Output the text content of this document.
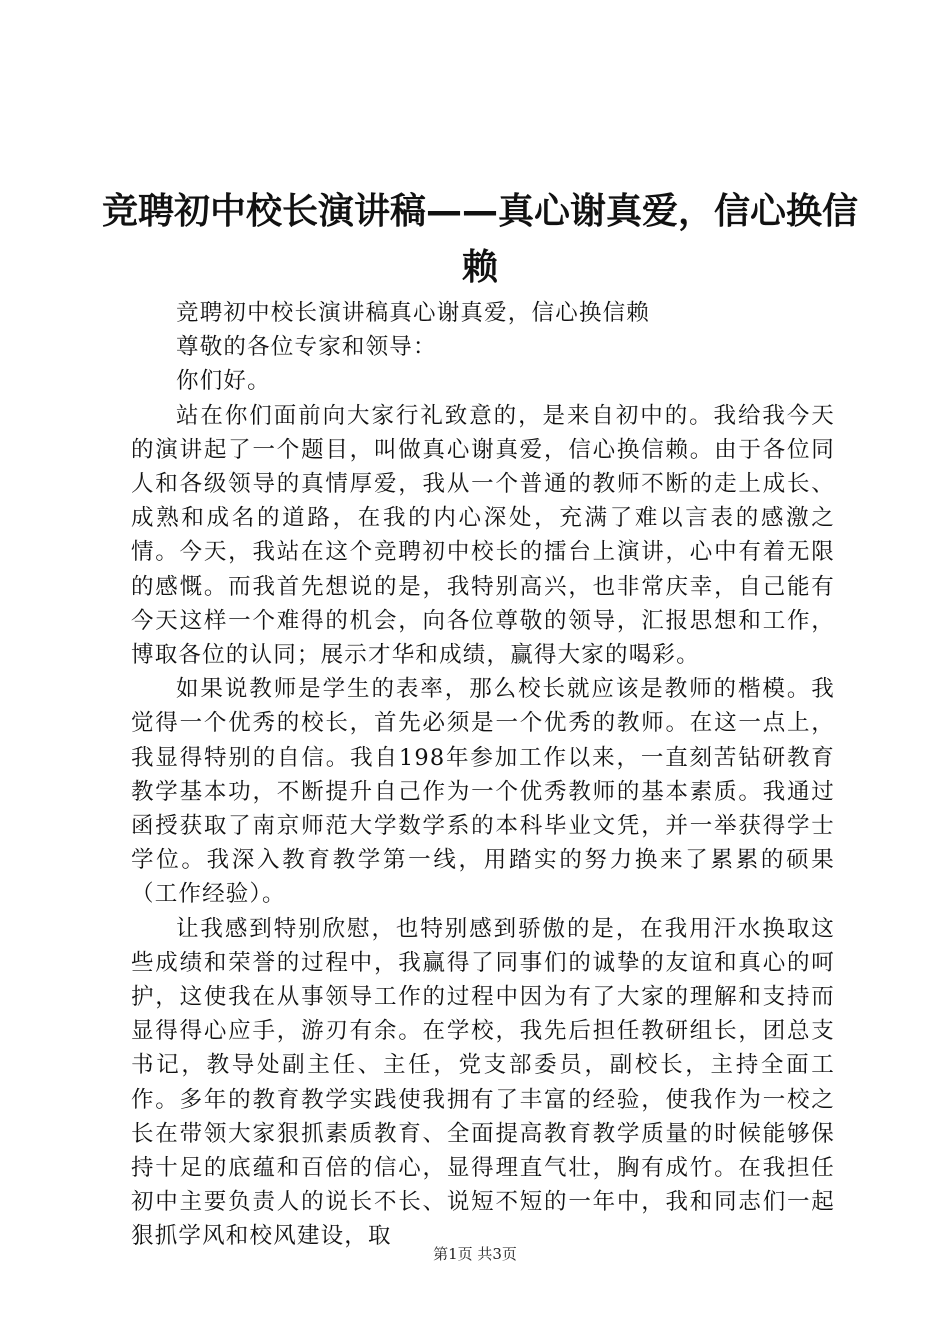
竞聘初中校长演讲稿——真心谢真爱，信心换信赖

竞聘初中校长演讲稿真心谢真爱，信心换信赖

尊敬的各位专家和领导：

你们好。

站在你们面前向大家行礼致意的，是来自初中的。我给我今天的演讲起了一个题目，叫做真心谢真爱，信心换信赖。由于各位同人和各级领导的真情厚爱，我从一个普通的教师不断的走上成长、成熟和成名的道路，在我的内心深处，充满了难以言表的感激之情。今天，我站在这个竞聘初中校长的擂台上演讲，心中有着无限的感慨。而我首先想说的是，我特别高兴，也非常庆幸，自己能有今天这样一个难得的机会，向各位尊敬的领导，汇报思想和工作，博取各位的认同；展示才华和成绩，赢得大家的喝彩。

如果说教师是学生的表率，那么校长就应该是教师的楷模。我觉得一个优秀的校长，首先必须是一个优秀的教师。在这一点上，我显得特别的自信。我自198年参加工作以来，一直刻苦钻研教育教学基本功，不断提升自己作为一个优秀教师的基本素质。我通过函授获取了南京师范大学数学系的本科毕业文凭，并一举获得学士学位。我深入教育教学第一线，用踏实的努力换来了累累的硕果（工作经验）。

让我感到特别欣慰，也特别感到骄傲的是，在我用汗水换取这些成绩和荣誉的过程中，我赢得了同事们的诚挚的友谊和真心的呵护，这使我在从事领导工作的过程中因为有了大家的理解和支持而显得得心应手，游刃有余。在学校，我先后担任教研组长，团总支书记，教导处副主任、主任，党支部委员，副校长，主持全面工作。多年的教育教学实践使我拥有了丰富的经验，使我作为一校之长在带领大家狠抓素质教育、全面提高教育教学质量的时候能够保持十足的底蕴和百倍的信心，显得理直气壮，胸有成竹。在我担任初中主要负责人的说长不长、说短不短的一年中，我和同志们一起狠抓学风和校风建设，取

第1页 共3页
